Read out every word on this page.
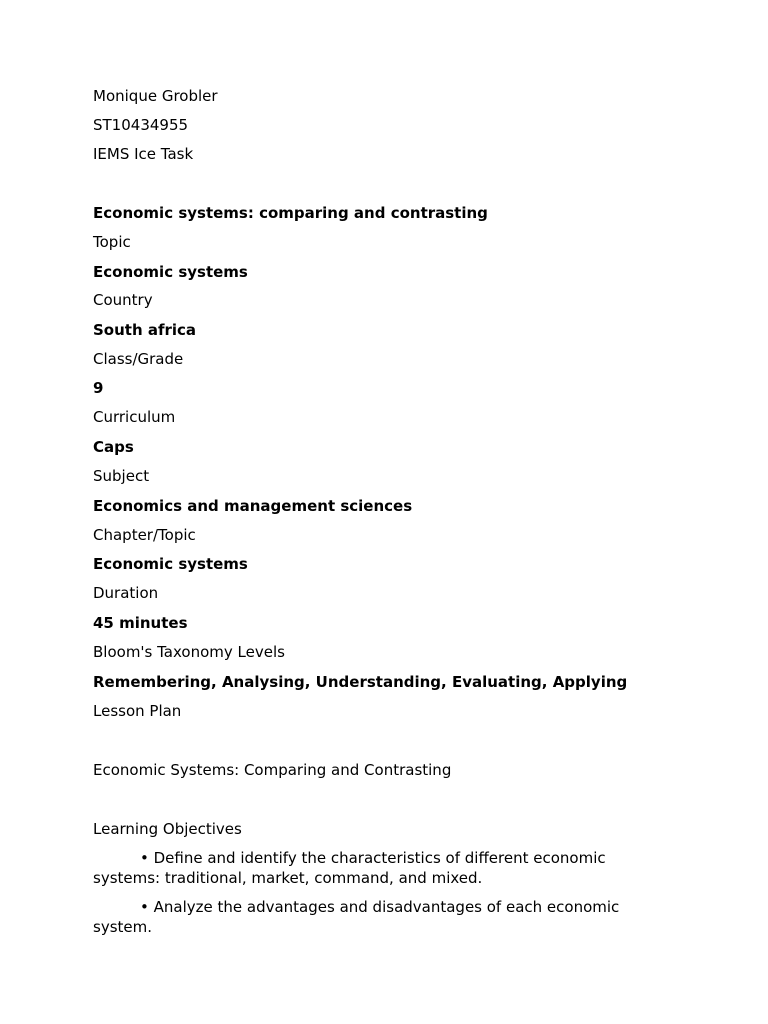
Monique Grobler
ST10434955
IEMS Ice Task
Economic systems: comparing and contrasting
Topic
Economic systems
Country
South africa
Class/Grade
9
Curriculum
Caps
Subject
Economics and management sciences
Chapter/Topic
Economic systems
Duration
45 minutes
Bloom's Taxonomy Levels
Remembering, Analysing, Understanding, Evaluating, Applying
Lesson Plan
Economic Systems: Comparing and Contrasting
Learning Objectives
• Define and identify the characteristics of different economic systems: traditional, market, command, and mixed.
• Analyze the advantages and disadvantages of each economic system.
